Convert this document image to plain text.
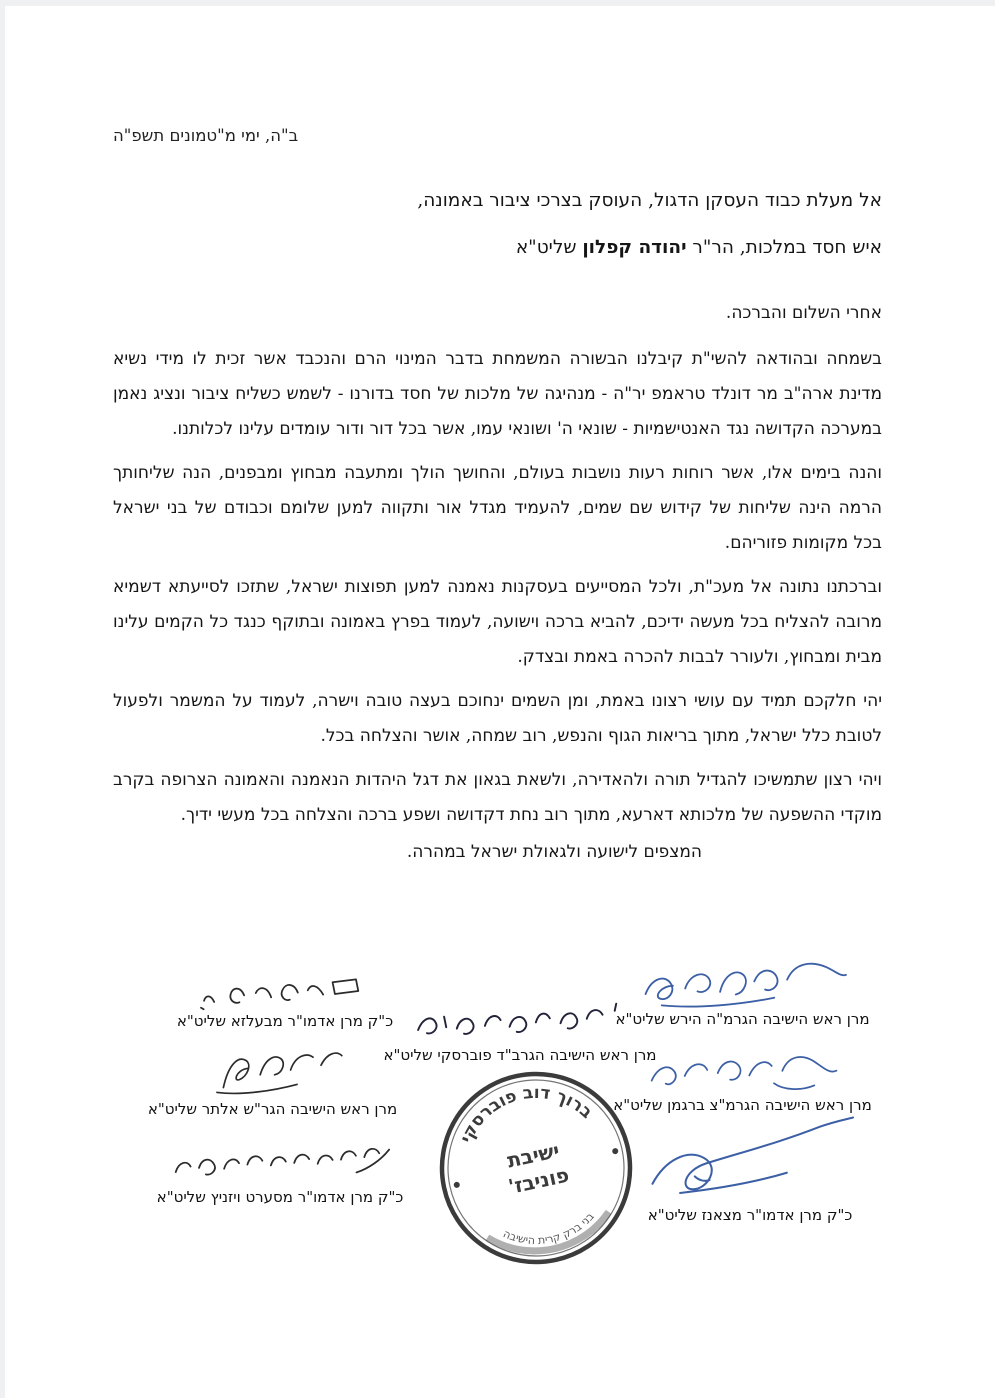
ב"ה, ימי מ"טמונים תשפ"ה
אל מעלת כבוד העסקן הדגול, העוסק בצרכי ציבור באמונה,
איש חסד במלכות, הר"ר יהודה קפלון שליט"א
אחרי השלום והברכה.

בשמחה ובהודאה להשי"ת קיבלנו הבשורה המשמחת בדבר המינוי הרם והנכבד אשר זכית לו מידי נשיא מדינת ארה"ב מר דונלד טראמפ יר"ה - מנהיגה של מלכות של חסד בדורנו - לשמש כשליח ציבור ונציג נאמן במערכה הקדושה נגד האנטישמיות - שונאי ה' ושונאי עמו, אשר בכל דור ודור עומדים עלינו לכלותנו.

והנה בימים אלו, אשר רוחות רעות נושבות בעולם, והחושך הולך ומתעבה מבחוץ ומבפנים, הנה שליחותך הרמה הינה שליחות של קידוש שם שמים, להעמיד מגדל אור ותקווה למען שלומם וכבודם של בני ישראל בכל מקומות פזוריהם.

וברכתנו נתונה אל מעכ"ת, ולכל המסייעים בעסקנות נאמנה למען תפוצות ישראל, שתזכו לסייעתא דשמיא מרובה להצליח בכל מעשה ידיכם, להביא ברכה וישועה, לעמוד בפרץ באמונה ובתוקף כנגד כל הקמים עלינו מבית ומבחוץ, ולעורר לבבות להכרה באמת ובצדק.

יהי חלקכם תמיד עם עושי רצונו באמת, ומן השמים ינחוכם בעצה טובה וישרה, לעמוד על המשמר ולפעול לטובת כלל ישראל, מתוך בריאות הגוף והנפש, רוב שמחה, אושר והצלחה בכל.

ויהי רצון שתמשיכו להגדיל תורה ולהאדירה, ולשאת בגאון את דגל היהדות הנאמנה והאמונה הצרופה בקרב מוקדי ההשפעה של מלכותא דארעא, מתוך רוב נחת דקדושה ושפע ברכה והצלחה בכל מעשי ידיך.

המצפים לישועה ולגאולת ישראל במהרה.
מרן ראש הישיבה הגרמ"ה הירש שליט"א
מרן ראש הישיבה הגרמ"צ ברגמן שליט"א
כ"ק מרן אדמו"ר מצאנז שליט"א
מרן ראש הישיבה הגרב"ד פוברסקי שליט"א
ברוך דוב פוברסקי
בני ברק קרית הישיבה
ישיבת
פוניבז'
כ"ק מרן אדמו"ר מבעלזא שליט"א
מרן ראש הישיבה הגר"ש אלתר שליט"א
כ"ק מרן אדמו"ר מסערט ויזניץ שליט"א
